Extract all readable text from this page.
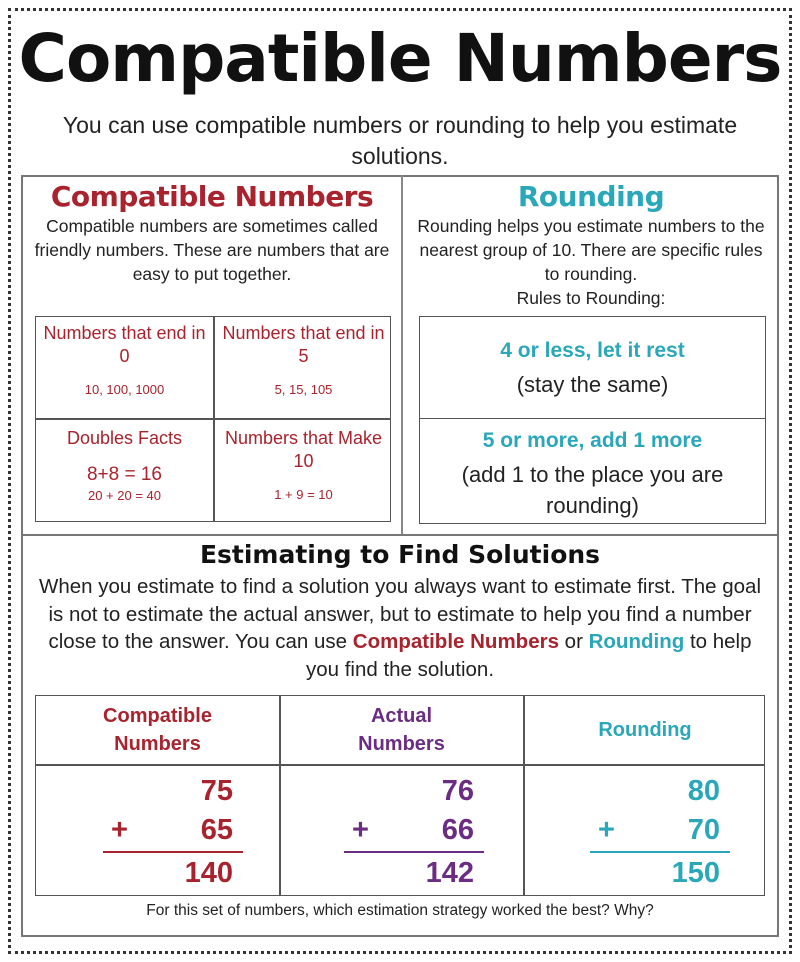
Compatible Numbers
You can use compatible numbers or rounding to help you estimate solutions.
Compatible Numbers
Compatible numbers are sometimes called friendly numbers. These are numbers that are easy to put together.
Numbers that end in 0
10, 100, 1000
Numbers that end in 5
5, 15, 105
Doubles Facts
8+8 = 16
20 + 20 = 40
Numbers that Make 10
1 + 9 = 10
Rounding
Rounding helps you estimate numbers to the nearest group of 10. There are specific rules to rounding.
Rules to Rounding:
4 or less, let it rest
(stay the same)
5 or more, add 1 more
(add 1 to the place you are rounding)
Estimating to Find Solutions
When you estimate to find a solution you always want to estimate first. The goal is not to estimate the actual answer, but to estimate to help you find a number close to the answer. You can use Compatible Numbers or Rounding to help you find the solution.
Compatible Numbers
Actual Numbers
Rounding
75
+	65
140
76
+	66
142
80
+	70
150
For this set of numbers, which estimation strategy worked the best? Why?
